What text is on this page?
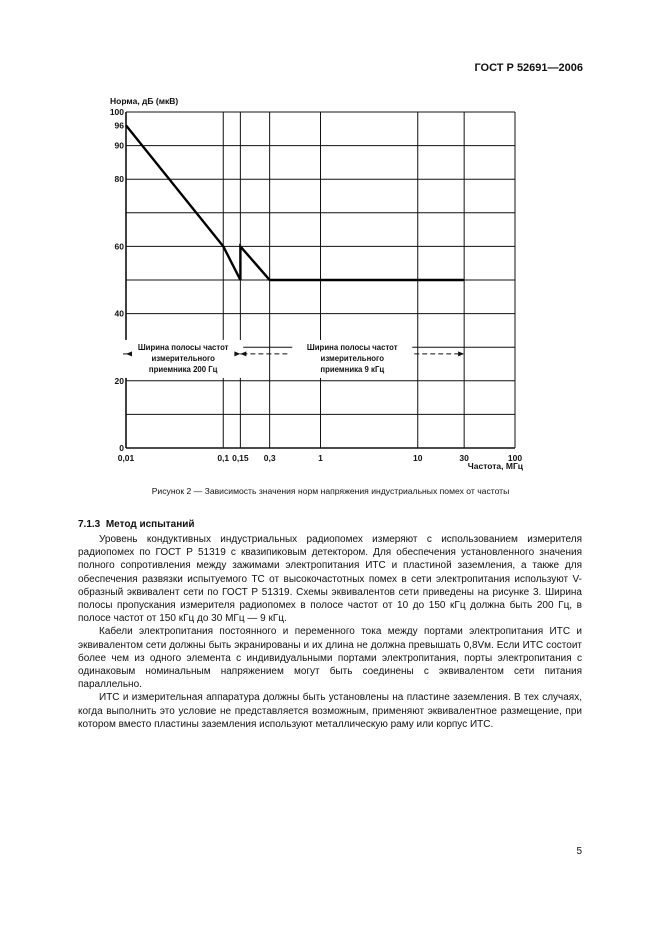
ГОСТ Р 52691—2006
Норма, дБ (мкВ)
Частота, МГц
Ширина полосы частот
измерительного
приемника 200 Гц
Ширина полосы частот
измерительного
приемника 9 кГц
0
20
40
60
80
90
96
100
0,01	0,1 0,15 0,3	1	10	30	100
Рисунок 2 — Зависимость значения норм напряжения индустриальных помех от частоты
7.1.3 Метод испытаний

Уровень кондуктивных индустриальных радиопомех измеряют с использованием измерителя радиопомех по ГОСТ Р 51319 с квазипиковым детектором. Для обеспечения установленного значения полного сопротивления между зажимами электропитания ИТС и пластиной заземления, а также для обеспечения развязки испытуемого ТС от высокочастотных помех в сети электропитания используют V-образный эквивалент сети по ГОСТ Р 51319. Схемы эквивалентов сети приведены на рисунке 3. Ширина полосы пропускания измерителя радиопомех в полосе частот от 10 до 150 кГц должна быть 200 Гц, в полосе частот от 150 кГц до 30 МГц — 9 кГц.

Кабели электропитания постоянного и переменного тока между портами электропитания ИТС и эквивалентом сети должны быть экранированы и их длина не должна превышать 0,8Vм. Если ИТС состоит более чем из одного элемента с индивидуальными портами электропитания, порты электропитания с одинаковым номинальным напряжением могут быть соединены с эквивалентом сети питания параллельно.

ИТС и измерительная аппаратура должны быть установлены на пластине заземления. В тех случаях, когда выполнить это условие не представляется возможным, применяют эквивалентное размещение, при котором вместо пластины заземления используют металлическую раму или корпус ИТС.

5
